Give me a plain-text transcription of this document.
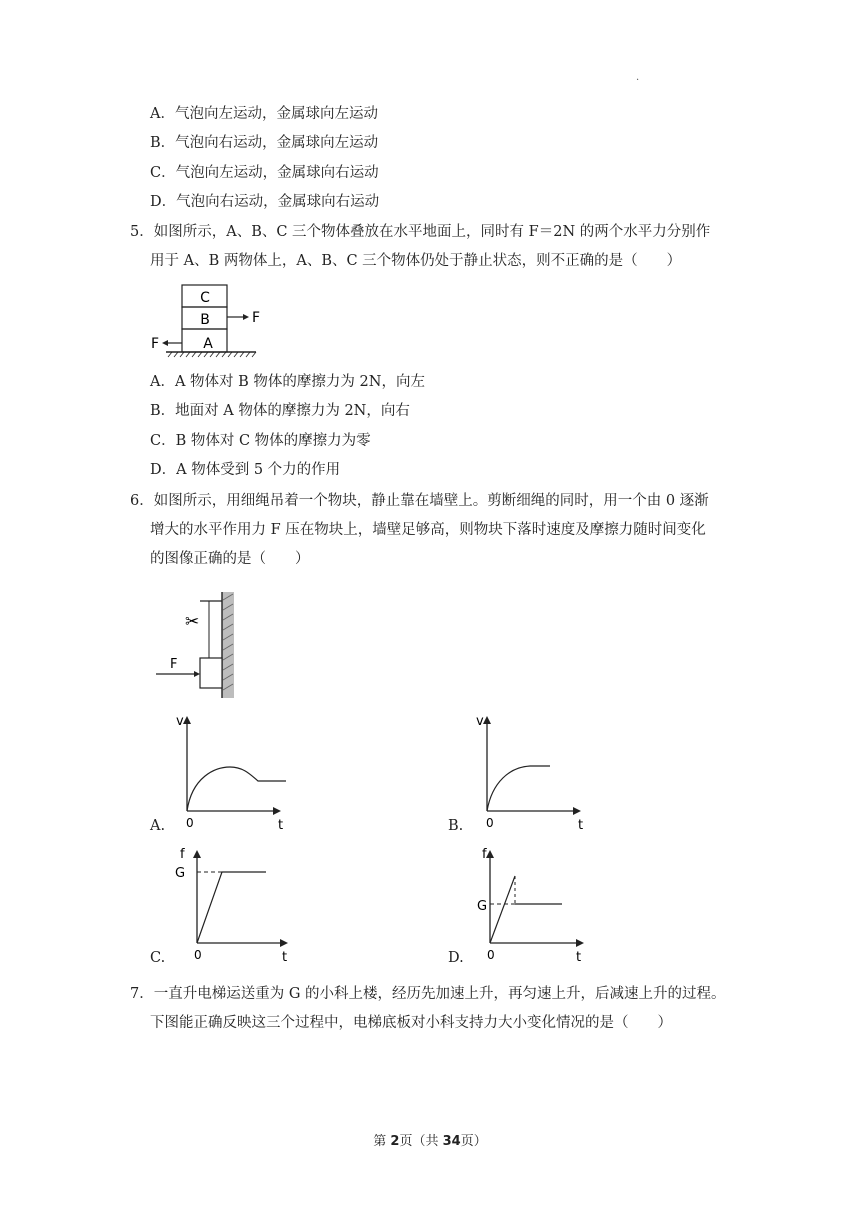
.
A．气泡向左运动，金属球向左运动
B．气泡向右运动，金属球向左运动
C．气泡向左运动，金属球向右运动
D．气泡向右运动，金属球向右运动
5．如图所示，A、B、C 三个物体叠放在水平地面上，同时有 F＝2N 的两个水平力分别作
用于 A、B 两物体上，A、B、C 三个物体仍处于静止状态，则不正确的是（　　）
C
B
A
F
F
A．A 物体对 B 物体的摩擦力为 2N，向左
B．地面对 A 物体的摩擦力为 2N，向右
C．B 物体对 C 物体的摩擦力为零
D．A 物体受到 5 个力的作用
6．如图所示，用细绳吊着一个物块，静止靠在墙壁上。剪断细绳的同时，用一个由 0 逐渐
增大的水平作用力 F 压在物块上，墙壁足够高，则物块下落时速度及摩擦力随时间变化
的图像正确的是（　　）
✂
F
A.
v
0	t	B.
v
0	t
C.
f
G
0	t	D.
f
G
0	t
7．一直升电梯运送重为 G 的小科上楼，经历先加速上升，再匀速上升，后减速上升的过程。
下图能正确反映这三个过程中，电梯底板对小科支持力大小变化情况的是（　　）
第 2页（共 34页）
